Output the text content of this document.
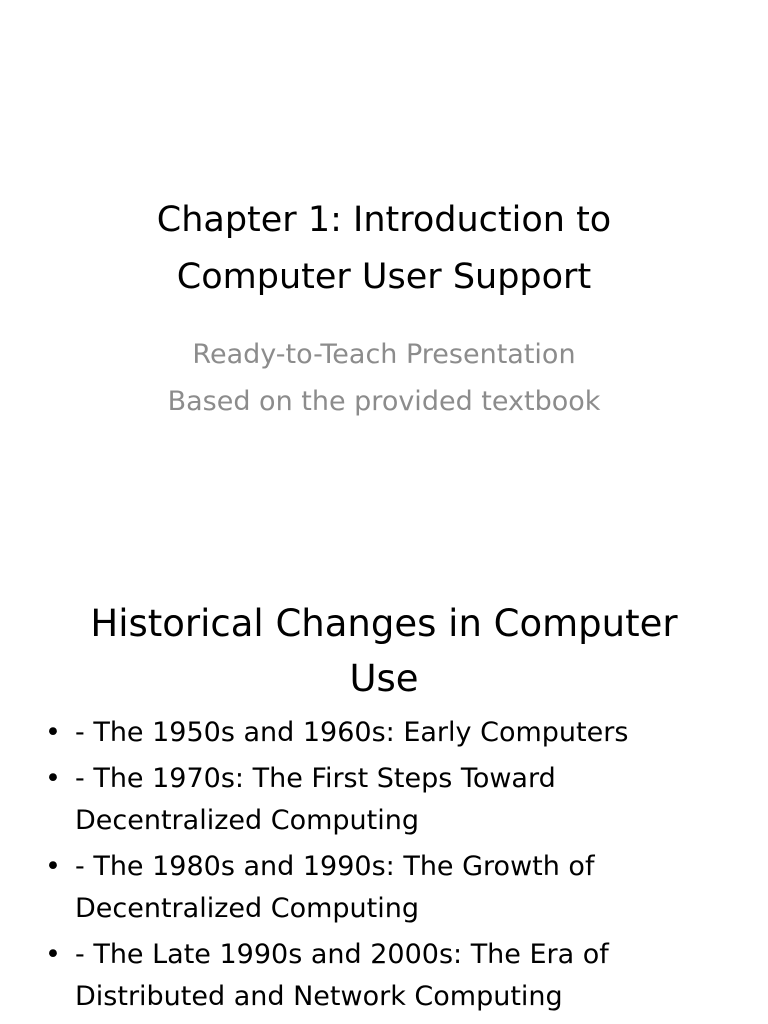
Chapter 1: Introduction to
Computer User Support
Ready-to-Teach Presentation
Based on the provided textbook
Historical Changes in Computer
Use
• - The 1950s and 1960s: Early Computers
• - The 1970s: The First Steps Toward Decentralized Computing
• - The 1980s and 1990s: The Growth of Decentralized Computing
• - The Late 1990s and 2000s: The Era of Distributed and Network Computing
